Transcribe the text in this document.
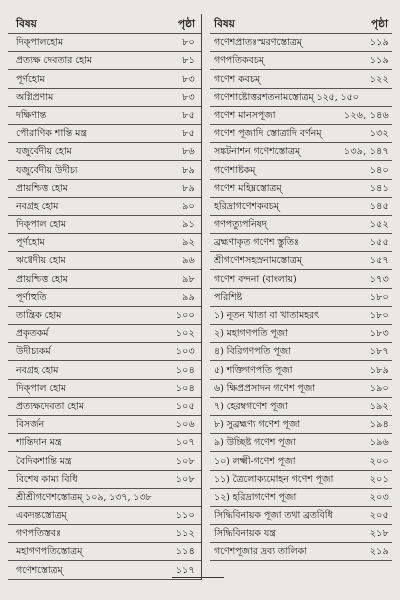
বিষয়	পৃষ্ঠা
দিক্‌পালহোম	৮০
প্রত্যক্ষ দেবতার হোম	৮১
পূর্ণহোম	৮৩
অগ্নিপ্রণাম	৮৩
দক্ষিণান্ত	৮৫
পৌরাণিক শান্তি মন্ত্র	৮৫
যজুর্বেদীয় হোম	৮৬
যজুর্বেদীয় উদীচ্য	৮৯
প্রায়শ্চিত্ত হোম	৮৯
নবগ্রহ হোম	৯০
দিক্‌পাল হোম	৯১
পূর্ণহোম	৯২
ঋগ্বেদীয় হোম	৯৬
প্রায়শ্চিত্ত হোম	৯৮
পূর্ণাহুতি	৯৯
তান্ত্রিক হোম	১০০
প্রকৃতকর্ম	১০২
উদীচ্যকর্ম	১০৩
নবগ্রহ হোম	১০৪
দিক্‌পাল হোম	১০৪
প্রত্যক্ষদেবতা হোম	১০৫
বিসর্জন	১০৬
শান্তিদান মন্ত্র	১০৭
বৈদিকশান্তি মন্ত্র	১০৮
বিশেষ কাম্য বিধি	১০৮
শ্রীশ্রীগণেশস্তোত্রম্‌ ১০৯, ১৩৭, ১৩৮
একদন্তস্তোত্রম্‌	১১০
গণপতিস্তবঃ	১১২
মহাগণপতিস্তোত্রম্‌	১১৪
গণেশস্তোত্রম্‌	১১৭
বিষয়	পৃষ্ঠা
গণেশপ্রাতঃস্মরণস্তোত্রম্‌	১১৯
গণপতিকবচম্‌	১১৯
গণেশ কবচম্‌	১২২
গণেশাষ্টোত্তরশতনামস্তোত্রম্‌ ১২৫, ১৫০
গণেশ মানসপূজা	১২৬, ১৪৬
গণেশ পূজাদি স্তোত্রাদি বর্ণনম্‌	১৩২
সঙ্কটনাশন গণেশস্তোত্রম্‌	১৩৯, ১৪৭
গণেশাষ্টকম্‌	১৪০
গণেশ মহিম্নস্তোত্রম্‌	১৪১
হরিদ্রাগণেশকবচম্‌	১৪৫
গণপত্যুপনিষদ্‌	১৫২
ব্রহ্মণাকৃত গণেশ স্তুতিঃ	১৫৫
শ্রীগণেশসহস্রনামস্তোত্রম্‌	১৫৭
গণেশ বন্দনা (বাংলায়)	১৭৩
পরিশিষ্ট	১৮০
১) নূতন খাতা বা খাতামহরৎ	১৮০
২) মহাগণপতি পূজা	১৮৩
৪) বিরিগণপতি পূজা	১৮৭
৫) শক্তিগণপতি পূজা	১৮৯
৬) ক্ষিপ্রপ্রসাদন গণেশ পূজা	১৯০
৭) হেরম্বগণেশ পূজা	১৯২
৮) সুব্রহ্মণ্য গণেশ পূজা	১৯৪
৯) উচ্ছিষ্ট গণেশ পূজা	১৯৬
১০) লক্ষ্মী-গণেশ পূজা	২০০
১১) ত্রৈলোক্যমোহন গণেশ পূজা	২০১
১২) হরিদ্রাগণেশ পূজা	২০৩
সিদ্ধিবিনায়ক পূজা তথা ব্রতবিধি	২০৫
সিদ্ধিবিনায়ক যন্ত্র	২১৮
গণেশপূজার দ্রব্য তালিকা	২১৯
